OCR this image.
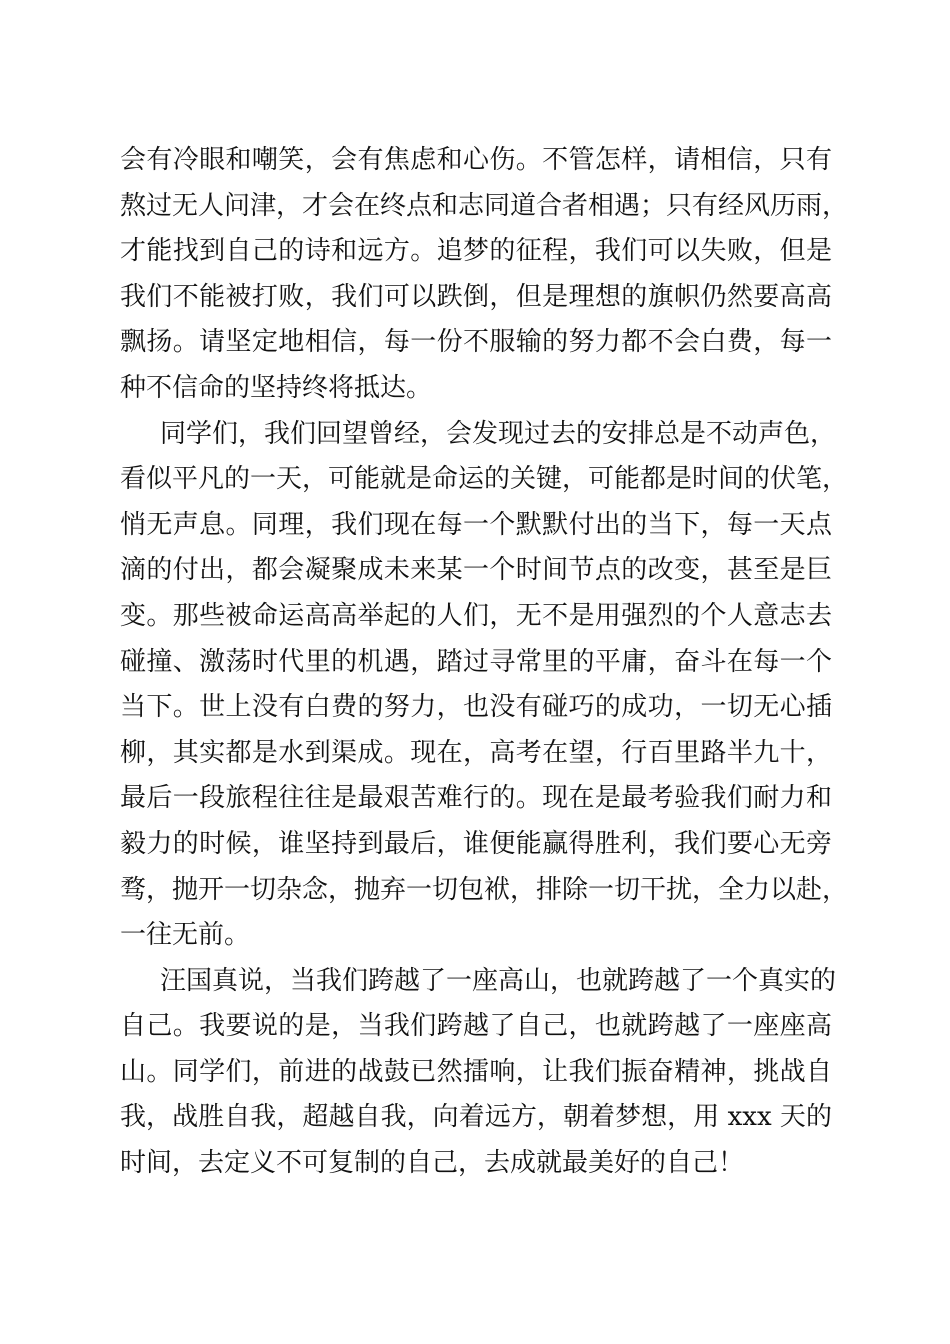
会有冷眼和嘲笑，会有焦虑和心伤。不管怎样，请相信，只有
熬过无人问津，才会在终点和志同道合者相遇；只有经风历雨，
才能找到自己的诗和远方。追梦的征程，我们可以失败，但是
我们不能被打败，我们可以跌倒，但是理想的旗帜仍然要高高
飘扬。请坚定地相信，每一份不服输的努力都不会白费，每一
种不信命的坚持终将抵达。
同学们，我们回望曾经，会发现过去的安排总是不动声色，
看似平凡的一天，可能就是命运的关键，可能都是时间的伏笔，
悄无声息。同理，我们现在每一个默默付出的当下，每一天点
滴的付出，都会凝聚成未来某一个时间节点的改变，甚至是巨
变。那些被命运高高举起的人们，无不是用强烈的个人意志去
碰撞、激荡时代里的机遇，踏过寻常里的平庸，奋斗在每一个
当下。世上没有白费的努力，也没有碰巧的成功，一切无心插
柳，其实都是水到渠成。现在，高考在望，行百里路半九十，
最后一段旅程往往是最艰苦难行的。现在是最考验我们耐力和
毅力的时候，谁坚持到最后，谁便能赢得胜利，我们要心无旁
骛，抛开一切杂念，抛弃一切包袱，排除一切干扰，全力以赴，
一往无前。
汪国真说，当我们跨越了一座高山，也就跨越了一个真实的
自己。我要说的是，当我们跨越了自己，也就跨越了一座座高
山。同学们，前进的战鼓已然擂响，让我们振奋精神，挑战自
我，战胜自我，超越自我，向着远方，朝着梦想，用 xxx 天的
时间，去定义不可复制的自己，去成就最美好的自己！
